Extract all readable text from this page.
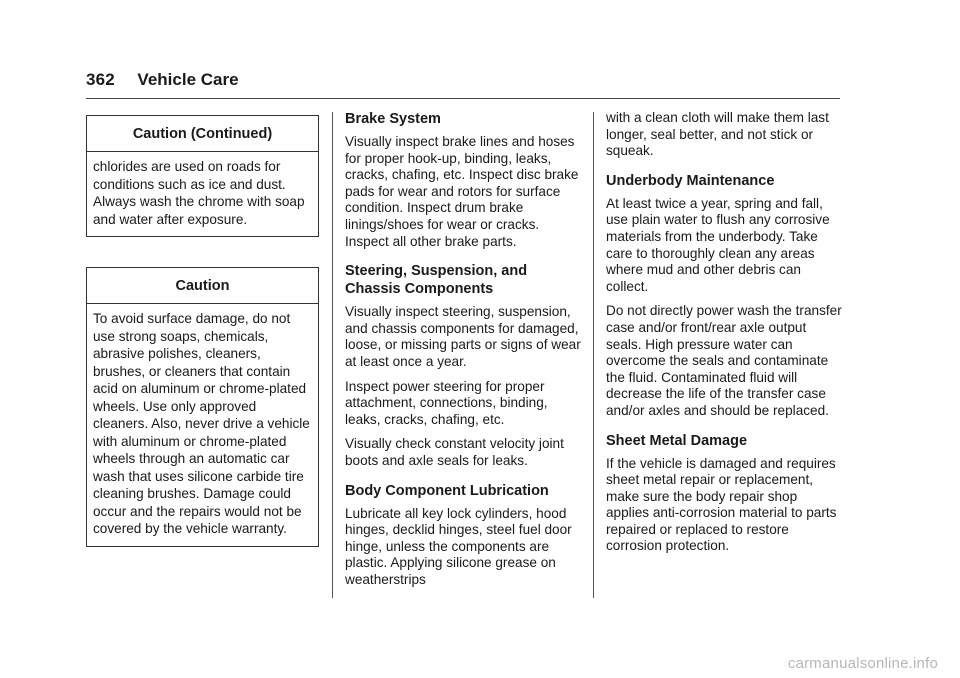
362 Vehicle Care
Caution (Continued)
chlorides are used on roads for conditions such as ice and dust. Always wash the chrome with soap and water after exposure.
Caution
To avoid surface damage, do not use strong soaps, chemicals, abrasive polishes, cleaners, brushes, or cleaners that contain acid on aluminum or chrome-plated wheels. Use only approved cleaners. Also, never drive a vehicle with aluminum or chrome-plated wheels through an automatic car wash that uses silicone carbide tire cleaning brushes. Damage could occur and the repairs would not be covered by the vehicle warranty.
Brake System

Visually inspect brake lines and hoses for proper hook-up, binding, leaks, cracks, chafing, etc. Inspect disc brake pads for wear and rotors for surface condition. Inspect drum brake linings/shoes for wear or cracks. Inspect all other brake parts.

Steering, Suspension, and Chassis Components

Visually inspect steering, suspension, and chassis components for damaged, loose, or missing parts or signs of wear at least once a year.

Inspect power steering for proper attachment, connections, binding, leaks, cracks, chafing, etc.

Visually check constant velocity joint boots and axle seals for leaks.

Body Component Lubrication

Lubricate all key lock cylinders, hood hinges, decklid hinges, steel fuel door hinge, unless the components are plastic. Applying silicone grease on weatherstrips

with a clean cloth will make them last longer, seal better, and not stick or squeak.

Underbody Maintenance

At least twice a year, spring and fall, use plain water to flush any corrosive materials from the underbody. Take care to thoroughly clean any areas where mud and other debris can collect.

Do not directly power wash the transfer case and/or front/rear axle output seals. High pressure water can overcome the seals and contaminate the fluid. Contaminated fluid will decrease the life of the transfer case and/or axles and should be replaced.

Sheet Metal Damage

If the vehicle is damaged and requires sheet metal repair or replacement, make sure the body repair shop applies anti-corrosion material to parts repaired or replaced to restore corrosion protection.

carmanualsonline.info
